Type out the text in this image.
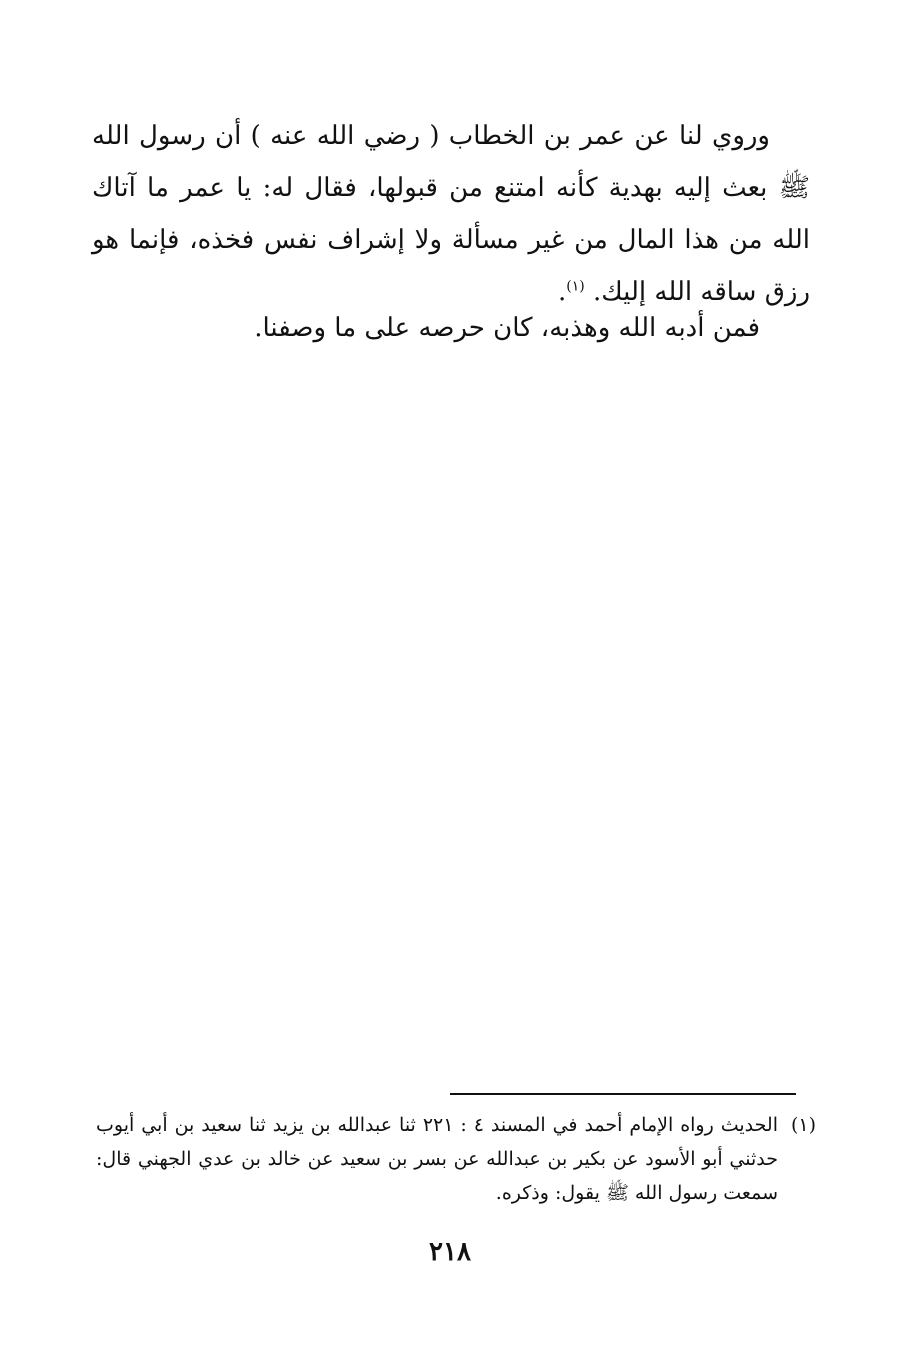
وروي لنا عن عمر بن الخطاب ( رضي الله عنه ) أن رسول الله ﷺ بعث إليه بهدية كأنه امتنع من قبولها، فقال له: يا عمر ما آتاك الله من هذا المال من غير مسألة ولا إشراف نفس فخذه، فإنما هو رزق ساقه الله إليك. $^{(١)}$.

فمن أدبه الله وهذبه، كان حرصه على ما وصفنا.

(١)
الحديث رواه الإمام أحمد في المسند ٤ : ٢٢١ ثنا عبدالله بن يزيد ثنا سعيد بن أبي أيوب حدثني أبو الأسود عن بكير بن عبدالله عن بسر بن سعيد عن خالد بن عدي الجهني قال: سمعت رسول الله ﷺ يقول: وذكره.
٢١٨
